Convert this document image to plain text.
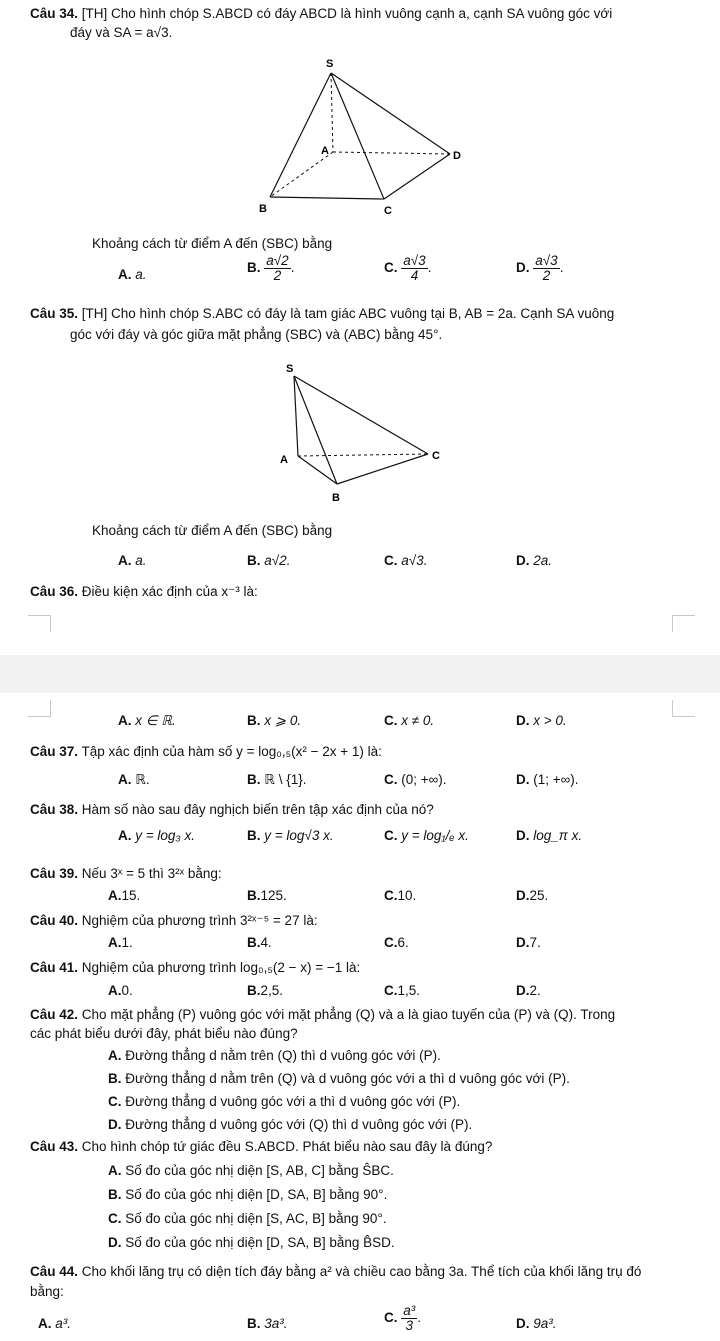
Câu 34. [TH] Cho hình chóp S.ABCD có đáy ABCD là hình vuông cạnh a, cạnh SA vuông góc với
đáy và SA = a√3.
S
A	D
B	C
Khoảng cách từ điểm A đến (SBC) bằng
A. a.	B. $\frac{a√2}{2}$ .	C. $\frac{a√3}{4}$ .	D. $\frac{a√3}{2}$ .
Câu 35. [TH] Cho hình chóp S.ABC có đáy là tam giác ABC vuông tại B, AB = 2a. Cạnh SA vuông
góc với đáy và góc giữa mặt phẳng (SBC) và (ABC) bằng 45°.
S
A	C
B
Khoảng cách từ điểm A đến (SBC) bằng
A. a.	B. a√2.	C. a√3.	D. 2a.
Câu 36. Điều kiện xác định của x⁻³ là:
A. x ∈ ℝ.	B. x ⩾ 0.	C. x ≠ 0.	D. x > 0.
Câu 37. Tập xác định của hàm số y = log₀,₅(x² − 2x + 1) là:
A. ℝ.	B. ℝ \ {1}.	C. (0; +∞).	D. (1; +∞).
Câu 38. Hàm số nào sau đây nghịch biến trên tập xác định của nó?
A. y = log₃ x.	B. y = log√3 x.	C. y = log₁/ₑ x.	D. log_π x.
Câu 39. Nếu 3ˣ = 5 thì 3²ˣ bằng:
A.15.	B.125.	C.10.	D.25.
Câu 40. Nghiệm của phương trình 3²ˣ⁻⁵ = 27 là:
A.1.	B.4.	C.6.	D.7.
Câu 41. Nghiệm của phương trình log₀,₅(2 − x) = −1 là:
A.0.	B.2,5.	C.1,5.	D.2.
Câu 42. Cho mặt phẳng (P) vuông góc với mặt phẳng (Q) và a là giao tuyến của (P) và (Q). Trong
các phát biểu dưới đây, phát biểu nào đúng?
A. Đường thẳng d nằm trên (Q) thì d vuông góc với (P).
B. Đường thẳng d nằm trên (Q) và d vuông góc với a thì d vuông góc với (P).
C. Đường thẳng d vuông góc với a thì d vuông góc với (P).
D. Đường thẳng d vuông góc với (Q) thì d vuông góc với (P).
Câu 43. Cho hình chóp tứ giác đều S.ABCD. Phát biểu nào sau đây là đúng?
A. Số đo của góc nhị diện [S, AB, C] bằng ŜBC.
B. Số đo của góc nhị diện [D, SA, B] bằng 90°.
C. Số đo của góc nhị diện [S, AC, B] bằng 90°.
D. Số đo của góc nhị diện [D, SA, B] bằng B̂SD.
Câu 44. Cho khối lăng trụ có diện tích đáy bằng a² và chiều cao bằng 3a. Thể tích của khối lăng trụ đó
bằng:
A. a³.	B. 3a³.	C. $\frac{\text{a³}}{3}$ .	D. 9a³.
